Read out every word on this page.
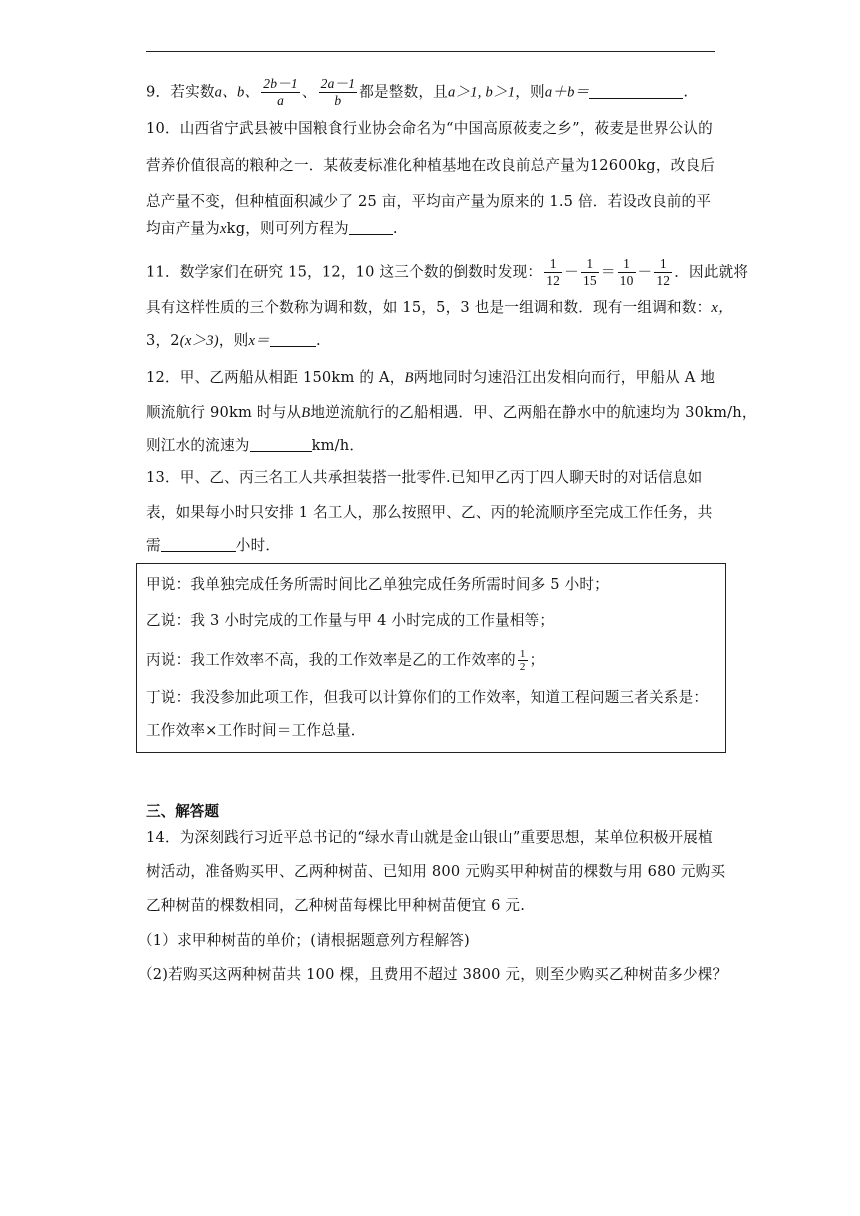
9．若实数a、b、 $\frac{2b-1}{a}$ 、 $\frac{2a-1}{b}$ 都是整数，且a＞1, b＞1，则a＋b＝	.
10．山西省宁武县被中国粮食行业协会命名为“中国高原莜麦之乡”，莜麦是世界公认的
营养价值很高的粮种之一．某莜麦标准化种植基地在改良前总产量为12600kg，改良后
总产量不变，但种植面积减少了 25 亩，平均亩产量为原来的 1.5 倍．若设改良前的平
均亩产量为xkg，则可列方程为	.
11．数学家们在研究 15，12，10 这三个数的倒数时发现： $\frac{1}{12} - \frac{1}{15} = \frac{1}{10} - \frac{1}{12}$ ．因此就将
具有这样性质的三个数称为调和数，如 15，5，3 也是一组调和数．现有一组调和数：x，
3，2(x＞3)，则x＝	.
12．甲、乙两船从相距 150km 的 A，B两地同时匀速沿江出发相向而行，甲船从 A 地
顺流航行 90km 时与从B地逆流航行的乙船相遇．甲、乙两船在静水中的航速均为 30km/h，
则江水的流速为	km/h．
13．甲、乙、丙三名工人共承担装搭一批零件.已知甲乙丙丁四人聊天时的对话信息如
表，如果每小时只安排 1 名工人，那么按照甲、乙、丙的轮流顺序至完成工作任务，共
需	小时．
甲说：我单独完成任务所需时间比乙单独完成任务所需时间多 5 小时；
乙说：我 3 小时完成的工作量与甲 4 小时完成的工作量相等；
丙说：我工作效率不高，我的工作效率是乙的工作效率的 $\frac{1}{2}$ ；
丁说：我没参加此项工作，但我可以计算你们的工作效率，知道工程问题三者关系是：
工作效率×工作时间＝工作总量．
三、解答题
14．为深刻践行习近平总书记的“绿水青山就是金山银山”重要思想，某单位积极开展植
树活动，准备购买甲、乙两种树苗、已知用 800 元购买甲种树苗的棵数与用 680 元购买
乙种树苗的棵数相同，乙种树苗每棵比甲种树苗便宜 6 元.
（1）求甲种树苗的单价；(请根据题意列方程解答)
（2)若购买这两种树苗共 100 棵，且费用不超过 3800 元，则至少购买乙种树苗多少棵？
